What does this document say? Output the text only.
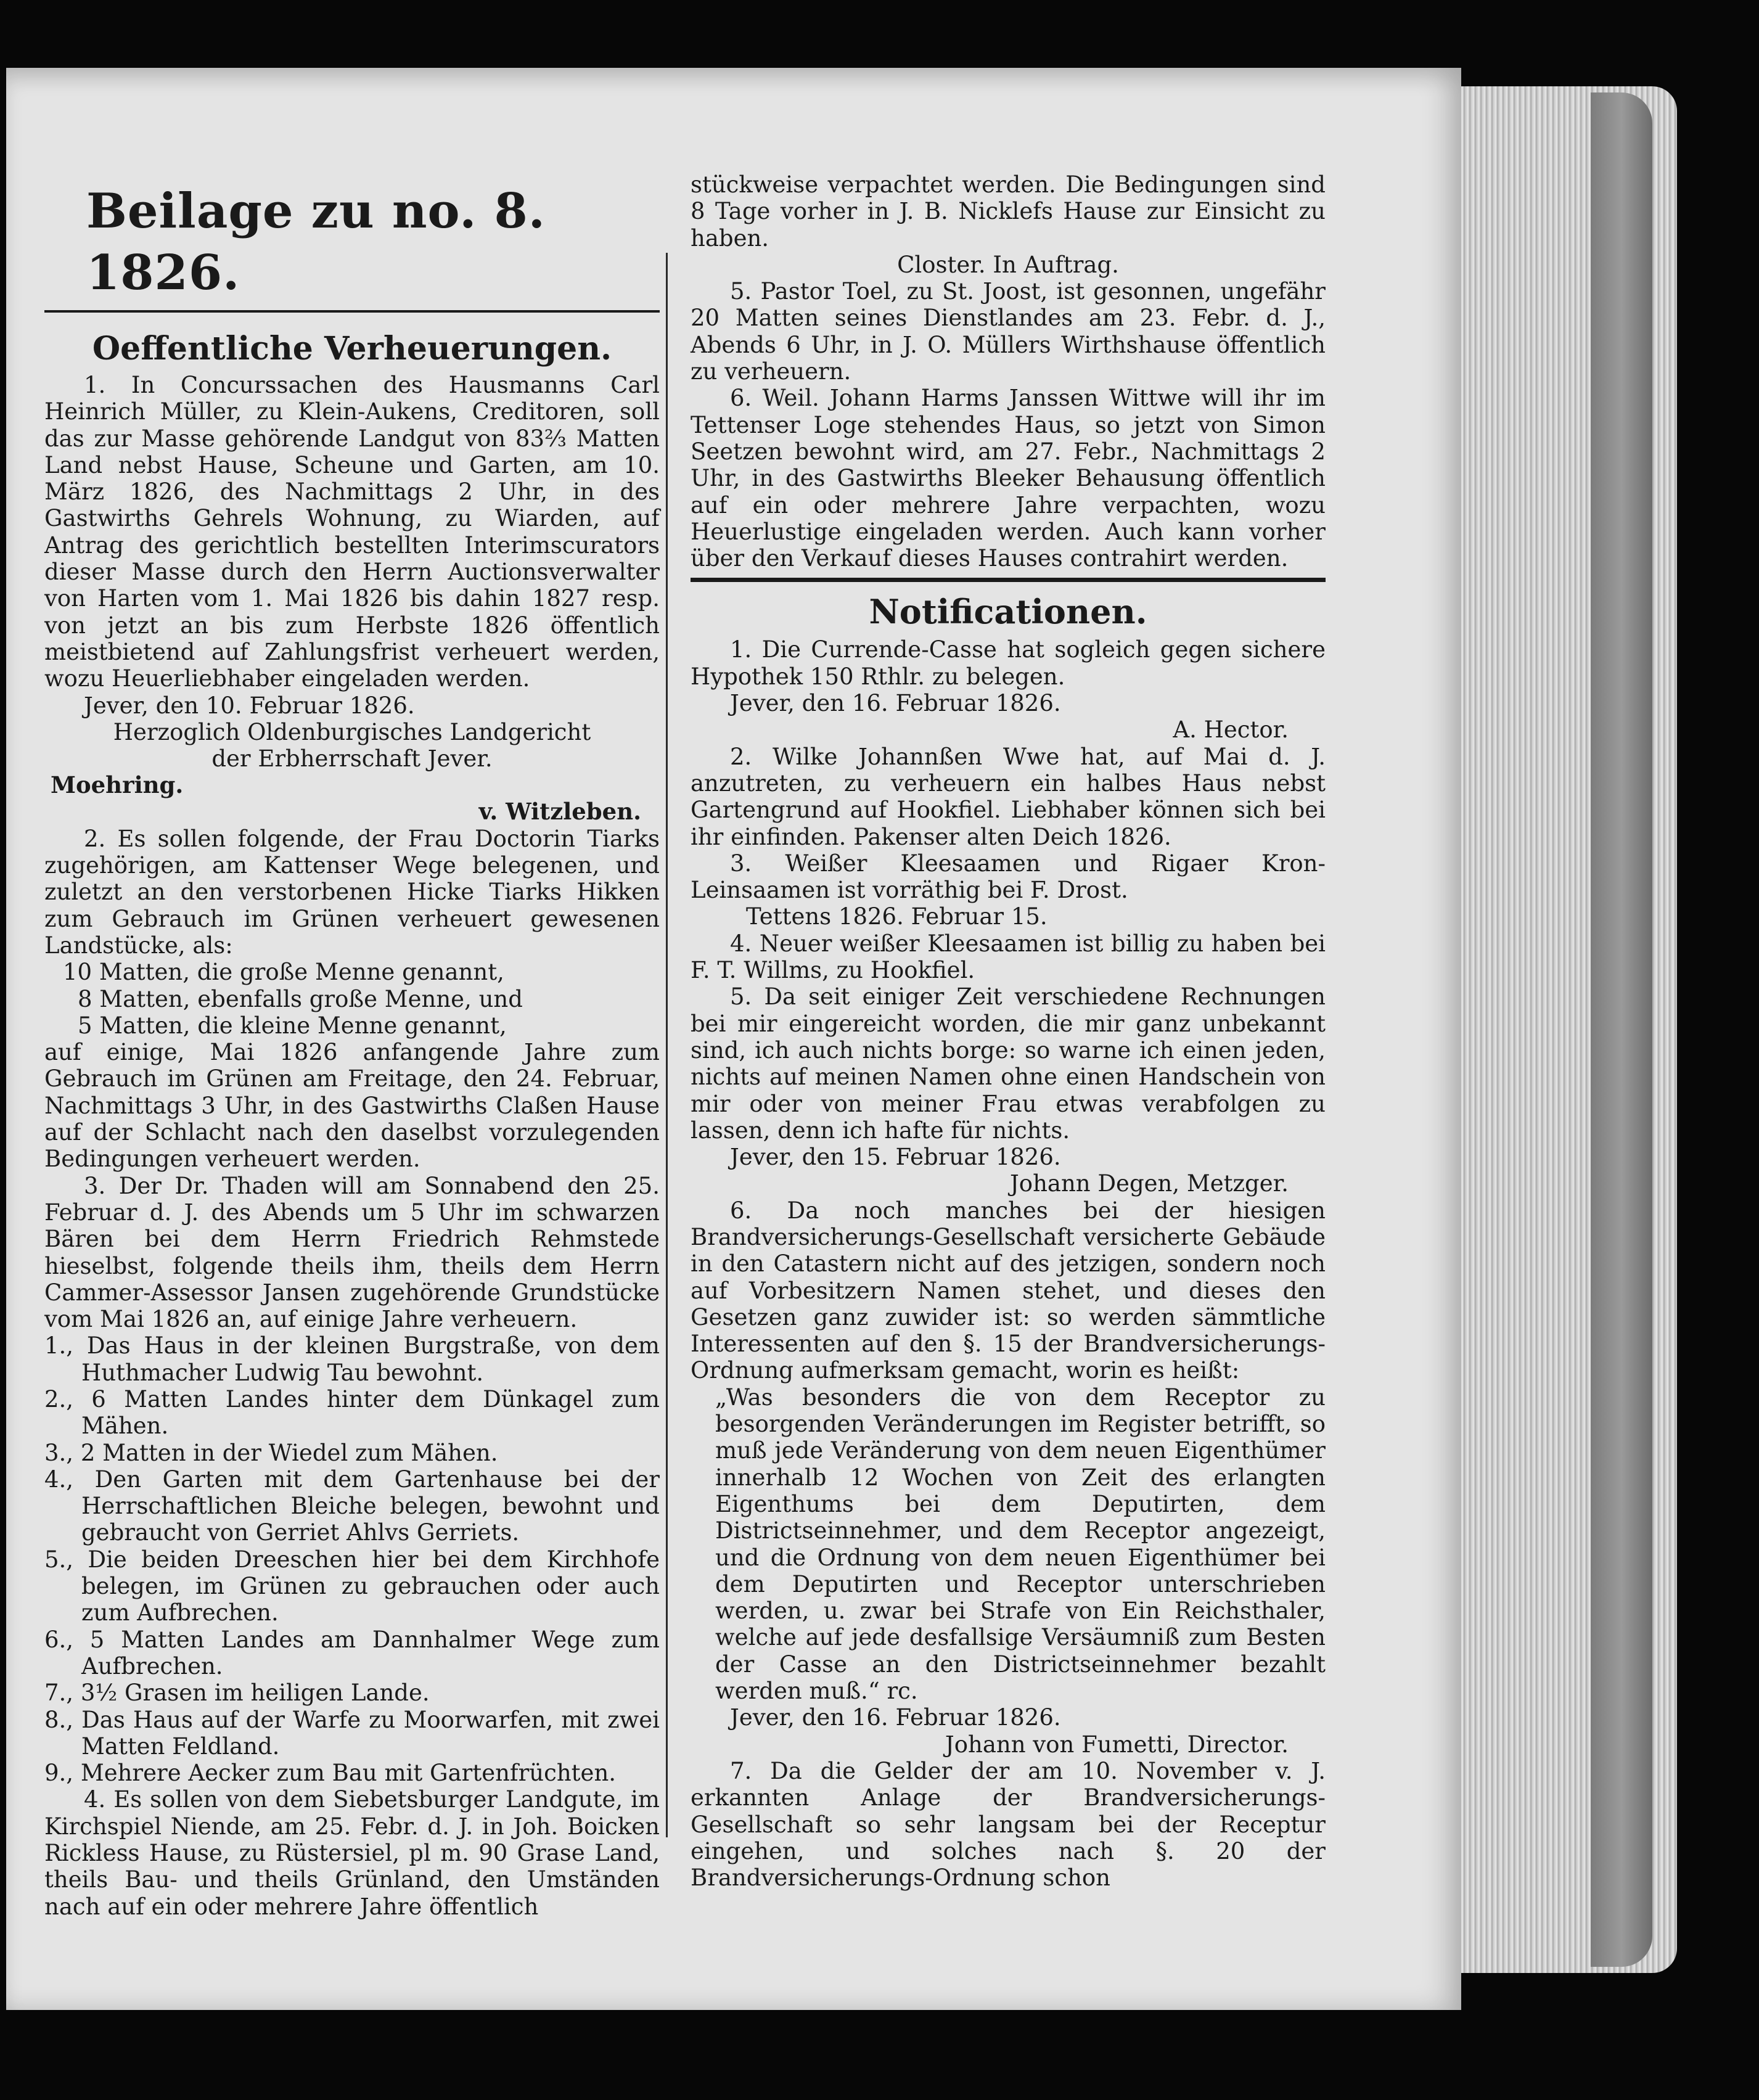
Beilage zu no. 8. 1826.
Oeffentliche Verheuerungen.

1. In Concurssachen des Hausmanns Carl Heinrich Müller, zu Klein-Aukens, Creditoren, soll das zur Masse gehörende Landgut von 83⅔ Matten Land nebst Hause, Scheune und Garten, am 10. März 1826, des Nachmittags 2 Uhr, in des Gastwirths Gehrels Wohnung, zu Wiarden, auf Antrag des gerichtlich bestellten Interimscurators dieser Masse durch den Herrn Auctionsverwalter von Harten vom 1. Mai 1826 bis dahin 1827 resp. von jetzt an bis zum Herbste 1826 öffentlich meistbietend auf Zahlungsfrist verheuert werden, wozu Heuerliebhaber eingeladen werden.

Jever, den 10. Februar 1826.

Herzoglich Oldenburgisches Landgericht

der Erbherrschaft Jever.

Moehring.
v. Witzleben.

2. Es sollen folgende, der Frau Doctorin Tiarks zugehörigen, am Kattenser Wege belegenen, und zuletzt an den verstorbenen Hicke Tiarks Hikken zum Gebrauch im Grünen verheuert gewesenen Landstücke, als:

10 Matten, die große Menne genannt,

8 Matten, ebenfalls große Menne, und

5 Matten, die kleine Menne genannt,

auf einige, Mai 1826 anfangende Jahre zum Gebrauch im Grünen am Freitage, den 24. Februar, Nachmittags 3 Uhr, in des Gastwirths Claßen Hause auf der Schlacht nach den daselbst vorzulegenden Bedingungen verheuert werden.

3. Der Dr. Thaden will am Sonnabend den 25. Februar d. J. des Abends um 5 Uhr im schwarzen Bären bei dem Herrn Friedrich Rehmstede hieselbst, folgende theils ihm, theils dem Herrn Cammer-Assessor Jansen zugehörende Grundstücke vom Mai 1826 an, auf einige Jahre verheuern.

1., Das Haus in der kleinen Burgstraße, von dem Huthmacher Ludwig Tau bewohnt.

2., 6 Matten Landes hinter dem Dünkagel zum Mähen.

3., 2 Matten in der Wiedel zum Mähen.

4., Den Garten mit dem Gartenhause bei der Herrschaftlichen Bleiche belegen, bewohnt und gebraucht von Gerriet Ahlvs Gerriets.

5., Die beiden Dreeschen hier bei dem Kirchhofe belegen, im Grünen zu gebrauchen oder auch zum Aufbrechen.

6., 5 Matten Landes am Dannhalmer Wege zum Aufbrechen.

7., 3½ Grasen im heiligen Lande.

8., Das Haus auf der Warfe zu Moorwarfen, mit zwei Matten Feldland.

9., Mehrere Aecker zum Bau mit Gartenfrüchten.

4. Es sollen von dem Siebetsburger Landgute, im Kirchspiel Niende, am 25. Febr. d. J. in Joh. Boicken Rickless Hause, zu Rüstersiel, pl m. 90 Grase Land, theils Bau- und theils Grünland, den Umständen nach auf ein oder mehrere Jahre öffentlich

stückweise verpachtet werden. Die Bedingungen sind 8 Tage vorher in J. B. Nicklefs Hause zur Einsicht zu haben.

Closter. In Auftrag.

5. Pastor Toel, zu St. Joost, ist gesonnen, ungefähr 20 Matten seines Dienstlandes am 23. Febr. d. J., Abends 6 Uhr, in J. O. Müllers Wirthshause öffentlich zu verheuern.

6. Weil. Johann Harms Janssen Wittwe will ihr im Tettenser Loge stehendes Haus, so jetzt von Simon Seetzen bewohnt wird, am 27. Febr., Nachmittags 2 Uhr, in des Gastwirths Bleeker Behausung öffentlich auf ein oder mehrere Jahre verpachten, wozu Heuerlustige eingeladen werden. Auch kann vorher über den Verkauf dieses Hauses contrahirt werden.

Notificationen.

1. Die Currende-Casse hat sogleich gegen sichere Hypothek 150 Rthlr. zu belegen.

Jever, den 16. Februar 1826.

A. Hector.

2. Wilke Johannßen Wwe hat, auf Mai d. J. anzutreten, zu verheuern ein halbes Haus nebst Gartengrund auf Hookfiel. Liebhaber können sich bei ihr einfinden. Pakenser alten Deich 1826.

3. Weißer Kleesaamen und Rigaer Kron-Leinsaamen ist vorräthig bei F. Drost.

Tettens 1826. Februar 15.

4. Neuer weißer Kleesaamen ist billig zu haben bei F. T. Willms, zu Hookfiel.

5. Da seit einiger Zeit verschiedene Rechnungen bei mir eingereicht worden, die mir ganz unbekannt sind, ich auch nichts borge: so warne ich einen jeden, nichts auf meinen Namen ohne einen Handschein von mir oder von meiner Frau etwas verabfolgen zu lassen, denn ich hafte für nichts.

Jever, den 15. Februar 1826.

Johann Degen, Metzger.

6. Da noch manches bei der hiesigen Brandversicherungs-Gesellschaft versicherte Gebäude in den Catastern nicht auf des jetzigen, sondern noch auf Vorbesitzern Namen stehet, und dieses den Gesetzen ganz zuwider ist: so werden sämmtliche Interessenten auf den §. 15 der Brandversicherungs-Ordnung aufmerksam gemacht, worin es heißt:

„Was besonders die von dem Receptor zu besorgenden Veränderungen im Register betrifft, so muß jede Veränderung von dem neuen Eigenthümer innerhalb 12 Wochen von Zeit des erlangten Eigenthums bei dem Deputirten, dem Districtseinnehmer, und dem Receptor angezeigt, und die Ordnung von dem neuen Eigenthümer bei dem Deputirten und Receptor unterschrieben werden, u. zwar bei Strafe von Ein Reichsthaler, welche auf jede desfallsige Versäumniß zum Besten der Casse an den Districtseinnehmer bezahlt werden muß.“ rc.

Jever, den 16. Februar 1826.

Johann von Fumetti, Director.

7. Da die Gelder der am 10. November v. J. erkannten Anlage der Brandversicherungs-Gesellschaft so sehr langsam bei der Receptur eingehen, und solches nach §. 20 der Brandversicherungs-Ordnung schon
